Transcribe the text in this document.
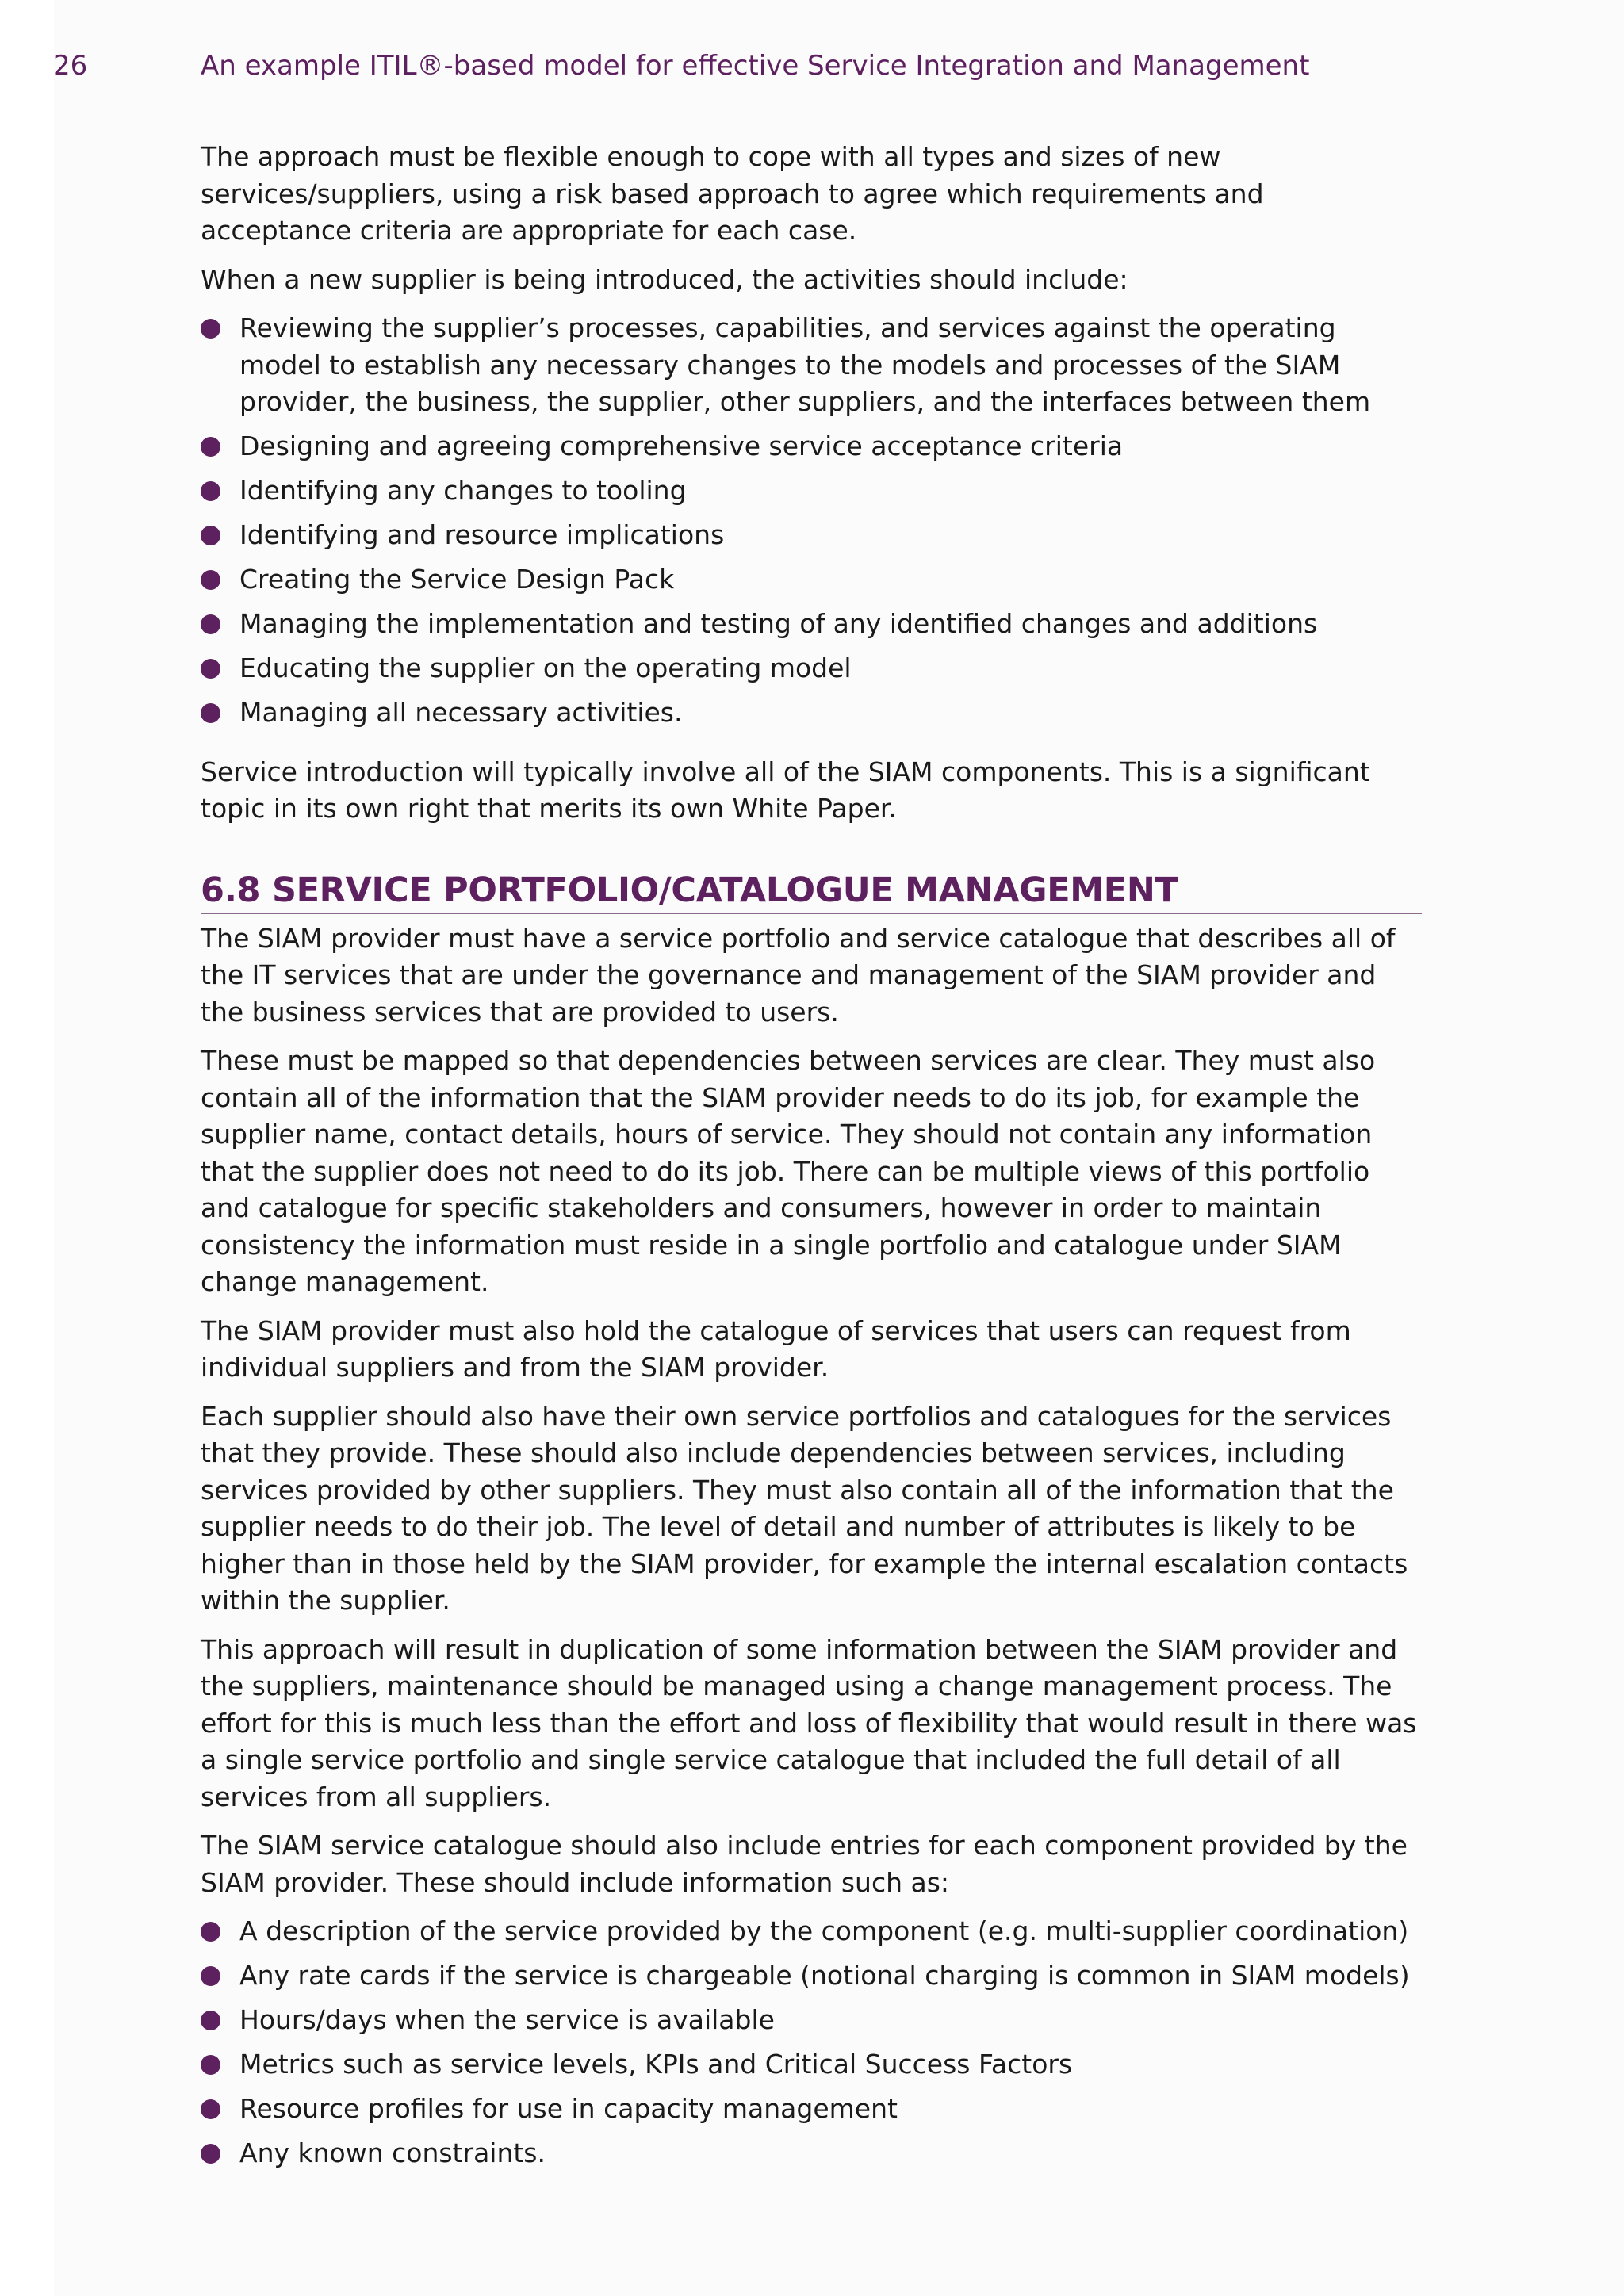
26	An example ITIL®-based model for effective Service Integration and Management

The approach must be flexible enough to cope with all types and sizes of new services/suppliers, using a risk based approach to agree which requirements and acceptance criteria are appropriate for each case.

When a new supplier is being introduced, the activities should include:

Reviewing the supplier’s processes, capabilities, and services against the operating model to establish any necessary changes to the models and processes of the SIAM provider, the business, the supplier, other suppliers, and the interfaces between them
Designing and agreeing comprehensive service acceptance criteria
Identifying any changes to tooling
Identifying and resource implications
Creating the Service Design Pack
Managing the implementation and testing of any identified changes and additions
Educating the supplier on the operating model
Managing all necessary activities.

Service introduction will typically involve all of the SIAM components. This is a significant topic in its own right that merits its own White Paper.

6.8 SERVICE PORTFOLIO/CATALOGUE MANAGEMENT

The SIAM provider must have a service portfolio and service catalogue that describes all of the IT services that are under the governance and management of the SIAM provider and the business services that are provided to users.

These must be mapped so that dependencies between services are clear. They must also contain all of the information that the SIAM provider needs to do its job, for example the supplier name, contact details, hours of service. They should not contain any information that the supplier does not need to do its job. There can be multiple views of this portfolio and catalogue for specific stakeholders and consumers, however in order to maintain consistency the information must reside in a single portfolio and catalogue under SIAM change management.

The SIAM provider must also hold the catalogue of services that users can request from individual suppliers and from the SIAM provider.

Each supplier should also have their own service portfolios and catalogues for the services that they provide. These should also include dependencies between services, including services provided by other suppliers. They must also contain all of the information that the supplier needs to do their job. The level of detail and number of attributes is likely to be higher than in those held by the SIAM provider, for example the internal escalation contacts within the supplier.

This approach will result in duplication of some information between the SIAM provider and the suppliers, maintenance should be managed using a change management process. The effort for this is much less than the effort and loss of flexibility that would result in there was a single service portfolio and single service catalogue that included the full detail of all services from all suppliers.

The SIAM service catalogue should also include entries for each component provided by the SIAM provider. These should include information such as:

A description of the service provided by the component (e.g. multi-supplier coordination)
Any rate cards if the service is chargeable (notional charging is common in SIAM models)
Hours/days when the service is available
Metrics such as service levels, KPIs and Critical Success Factors
Resource profiles for use in capacity management
Any known constraints.
